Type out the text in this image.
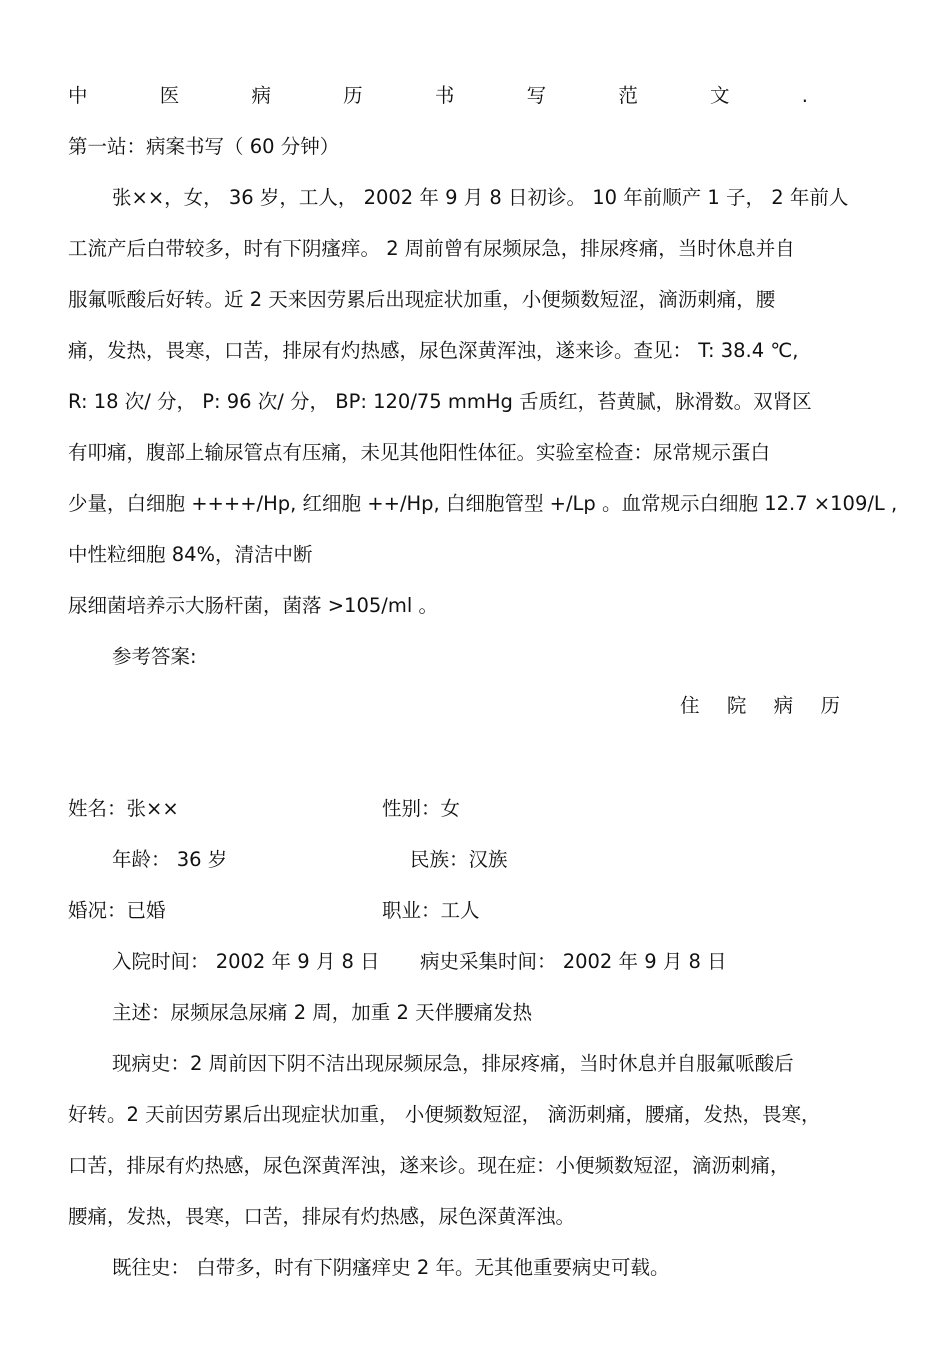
中	医	病	历	书	写	范	文	.
第一站：病案书写（ 60 分钟）
张××，女， 36 岁，工人， 2002 年 9 月 8 日初诊。 10 年前顺产 1 子， 2 年前人
工流产后白带较多，时有下阴瘙痒。 2 周前曾有尿频尿急，排尿疼痛，当时休息并自
服氟哌酸后好转。近 2 天来因劳累后出现症状加重，小便频数短涩，滴沥刺痛，腰
痛，发热，畏寒，口苦，排尿有灼热感，尿色深黄浑浊，遂来诊。查见： T: 38.4 ℃,
R: 18 次/ 分， P: 96 次/ 分， BP: 120/75 mmHg 舌质红，苔黄腻，脉滑数。双肾区
有叩痛，腹部上输尿管点有压痛，未见其他阳性体征。实验室检查：尿常规示蛋白
少量，白细胞 ++++/Hp, 红细胞 ++/Hp, 白细胞管型 +/Lp 。血常规示白细胞 12.7 ×109/L ,
中性粒细胞 84%，清洁中断
尿细菌培养示大肠杆菌，菌落 >105/ml 。
参考答案:
住 院 病 历
姓名：张××	性别：女
年龄： 36 岁	民族：汉族
婚况：已婚	职业：工人
入院时间： 2002 年 9 月 8 日 病史采集时间： 2002 年 9 月 8 日
主述：尿频尿急尿痛 2 周，加重 2 天伴腰痛发热
现病史：2 周前因下阴不洁出现尿频尿急，排尿疼痛，当时休息并自服氟哌酸后
好转。2 天前因劳累后出现症状加重， 小便频数短涩， 滴沥刺痛，腰痛，发热，畏寒，
口苦，排尿有灼热感，尿色深黄浑浊，遂来诊。现在症：小便频数短涩，滴沥刺痛，
腰痛，发热，畏寒，口苦，排尿有灼热感，尿色深黄浑浊。
既往史： 白带多，时有下阴瘙痒史 2 年。无其他重要病史可载。
